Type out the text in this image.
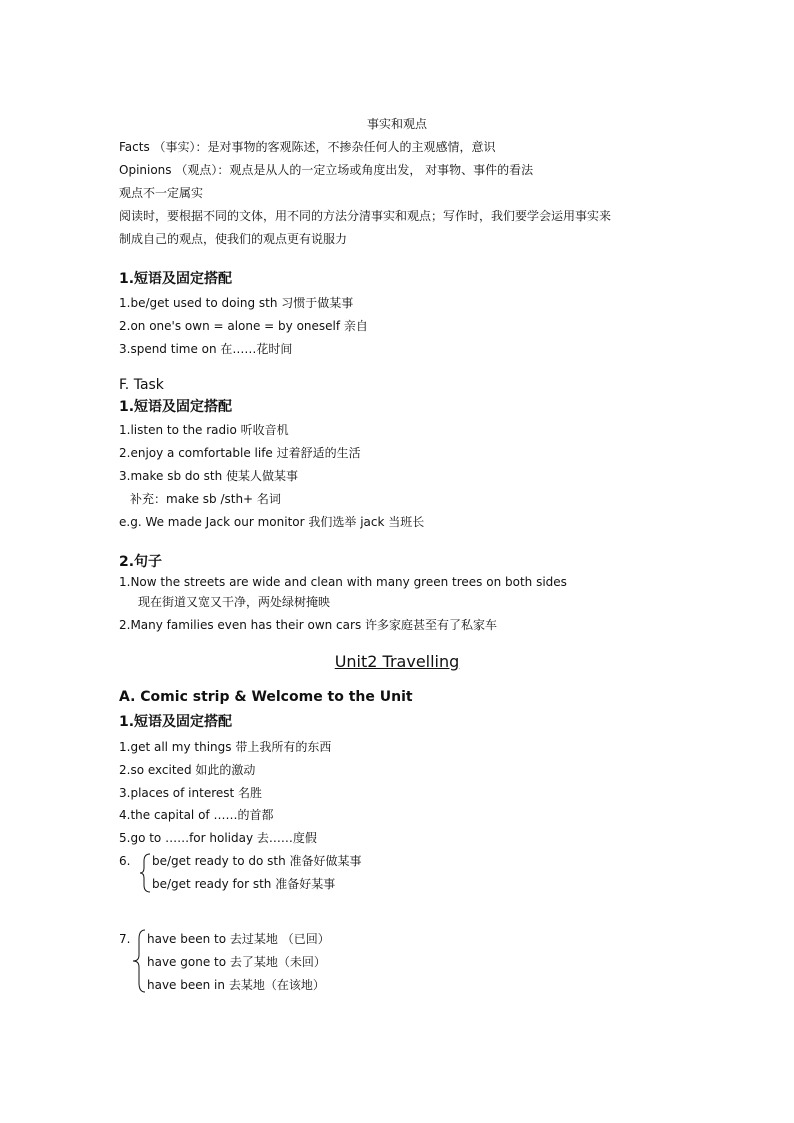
事实和观点
Facts （事实）：是对事物的客观陈述，不掺杂任何人的主观感情，意识
Opinions （观点）：观点是从人的一定立场或角度出发， 对事物、事件的看法
观点不一定属实
阅读时，要根据不同的文体，用不同的方法分清事实和观点；写作时，我们要学会运用事实来
制成自己的观点，使我们的观点更有说服力
1.短语及固定搭配
1.be/get used to doing sth 习惯于做某事
2.on one's own = alone = by oneself 亲自
3.spend time on 在……花时间
F. Task
1.短语及固定搭配
1.listen to the radio 听收音机
2.enjoy a comfortable life 过着舒适的生活
3.make sb do sth 使某人做某事
补充：make sb /sth+ 名词
e.g. We made Jack our monitor 我们选举 jack 当班长
2.句子
1.Now the streets are wide and clean with many green trees on both sides
现在街道又宽又干净，两处绿树掩映
2.Many families even has their own cars 许多家庭甚至有了私家车
Unit2 Travelling
A. Comic strip & Welcome to the Unit
1.短语及固定搭配
1.get all my things 带上我所有的东西
2.so excited 如此的激动
3.places of interest 名胜
4.the capital of ……的首都
5.go to ……for holiday 去……度假
6. be/get ready to do sth 准备好做某事
be/get ready for sth 准备好某事
7. have been to 去过某地 （已回）
have gone to 去了某地（未回）
have been in 去某地（在该地）
